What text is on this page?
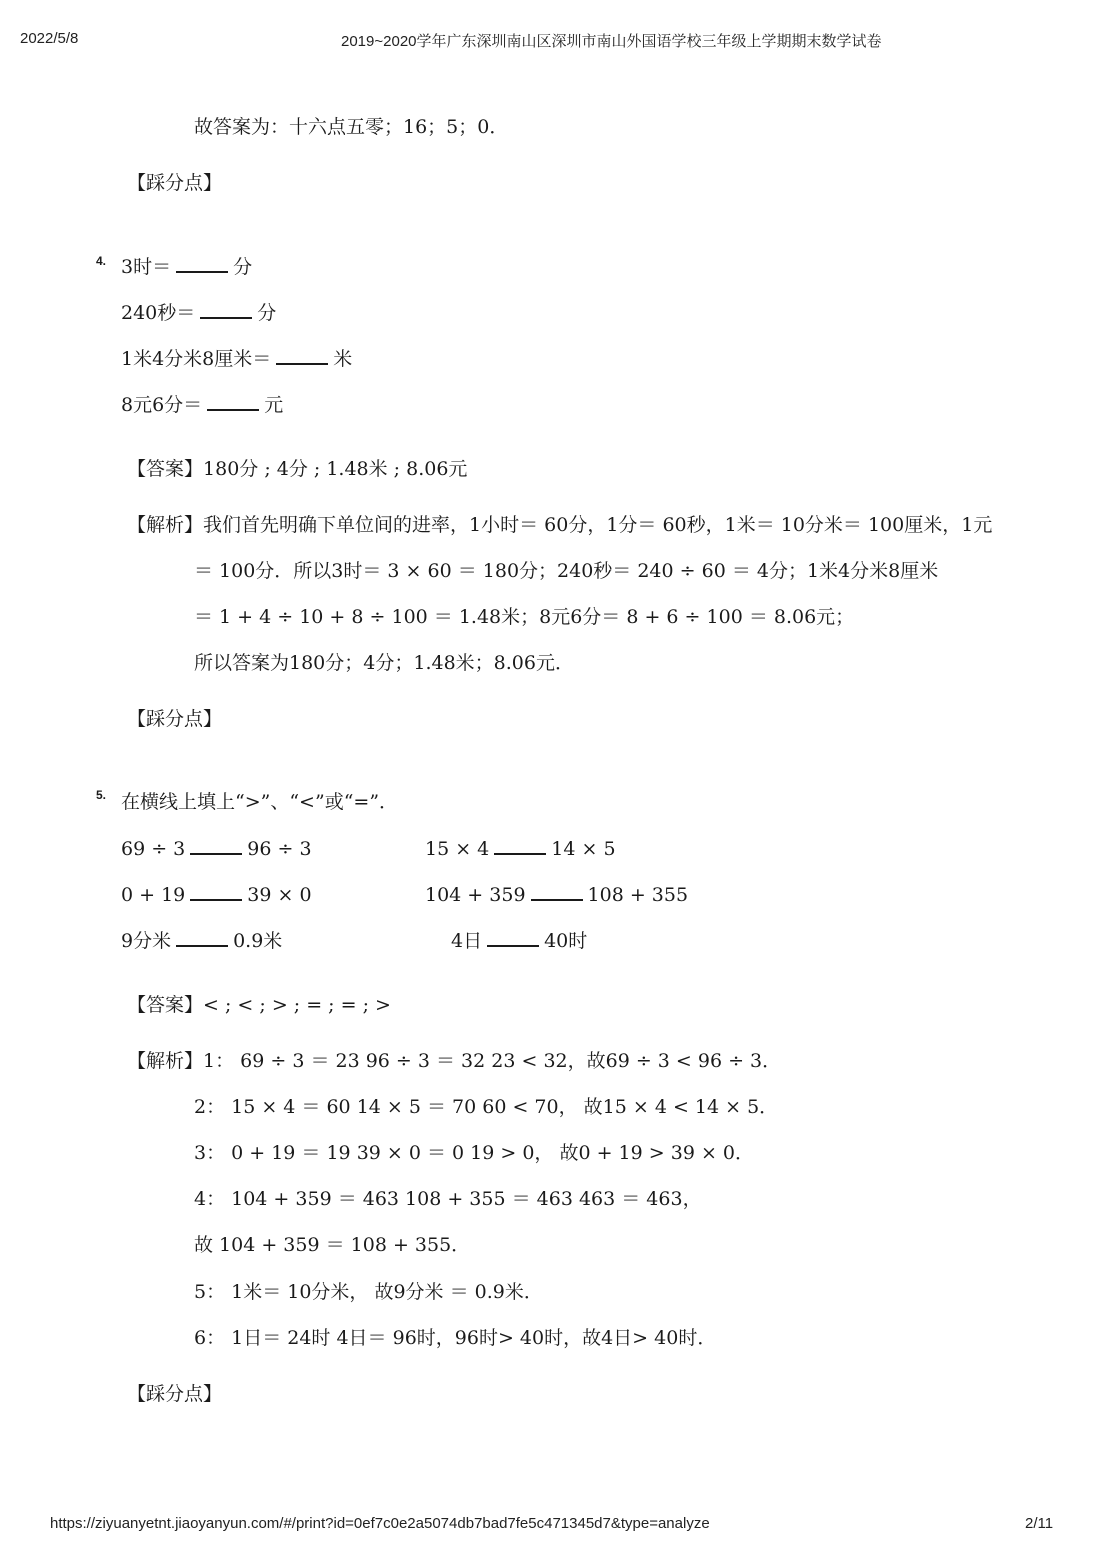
2022/5/8	2019~2020学年广东深圳南山区深圳市南山外国语学校三年级上学期期末数学试卷
故答案为：十六点五零；16；5；0．
【踩分点】
4. 3时＝	分
240秒＝	分
1米4分米8厘米＝	米
8元6分＝	元
【答案】180分 ; 4分 ; 1.48米 ; 8.06元
【解析】我们首先明确下单位间的进率，1小时＝ 60分，1分＝ 60秒，1米＝ 10分米＝ 100厘米，1元
＝ 100分．所以3时＝ 3 × 60 ＝ 180分；240秒＝ 240 ÷ 60 ＝ 4分；1米4分米8厘米
＝ 1 + 4 ÷ 10 + 8 ÷ 100 ＝ 1.48米；8元6分＝ 8 + 6 ÷ 100 ＝ 8.06元；
所以答案为180分；4分；1.48米；8.06元．
【踩分点】
5. 在横线上填上“>”、“<”或“=”．
69 ÷ 3	96 ÷ 3	15 × 4	14 × 5
0 + 19	39 × 0	104 + 359	108 + 355
9分米	0.9米	4日	40时
【答案】< ; < ; > ; = ; = ; >
【解析】1： 69 ÷ 3 ＝ 23 96 ÷ 3 ＝ 32 23 < 32，故69 ÷ 3 < 96 ÷ 3．
2： 15 × 4 ＝ 60 14 × 5 ＝ 70 60 < 70， 故15 × 4 < 14 × 5．
3： 0 + 19 ＝ 19 39 × 0 ＝ 0 19 > 0， 故0 + 19 > 39 × 0．
4： 104 + 359 ＝ 463 108 + 355 ＝ 463 463 ＝ 463，
故 104 + 359 ＝ 108 + 355．
5： 1米＝ 10分米， 故9分米 ＝ 0.9米．
6： 1日＝ 24时 4日＝ 96时，96时> 40时，故4日> 40时．
【踩分点】
https://ziyuanyetnt.jiaoyanyun.com/#/print?id=0ef7c0e2a5074db7bad7fe5c471345d7&type=analyze	2/11
